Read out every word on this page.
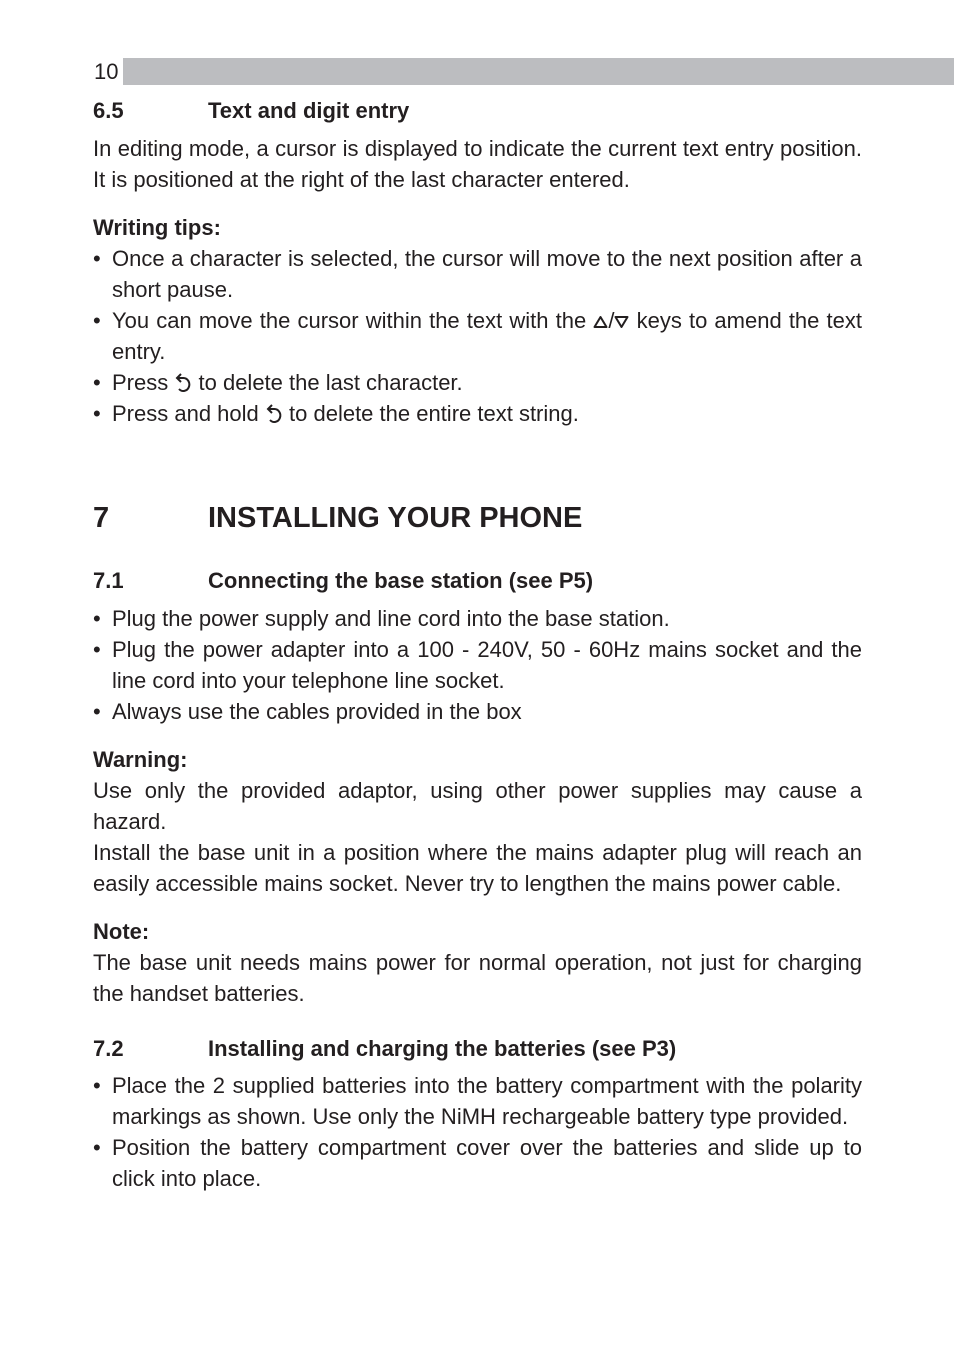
10
6.5	Text and digit entry

In editing mode, a cursor is displayed to indicate the current text entry position. It is positioned at the right of the last character entered.

Writing tips:
• Once a character is selected, the cursor will move to the next position after a short pause.
• You can move the cursor within the text with the / keys to amend the text entry.
• Press to delete the last character.
• Press and hold to delete the entire text string.
7	INSTALLING YOUR PHONE
7.1	Connecting the base station (see P5)
• Plug the power supply and line cord into the base station.
• Plug the power adapter into a 100 - 240V, 50 - 60Hz mains socket and the line cord into your telephone line socket.
• Always use the cables provided in the box
Warning:

Use only the provided adaptor, using other power supplies may cause a hazard.

Install the base unit in a position where the mains adapter plug will reach an easily accessible mains socket. Never try to lengthen the mains power cable.

Note:

The base unit needs mains power for normal operation, not just for charging the handset batteries.

7.2	Installing and charging the batteries (see P3)
• Place the 2 supplied batteries into the battery compartment with the polarity markings as shown. Use only the NiMH rechargeable battery type provided.
• Position the battery compartment cover over the batteries and slide up to click into place.
